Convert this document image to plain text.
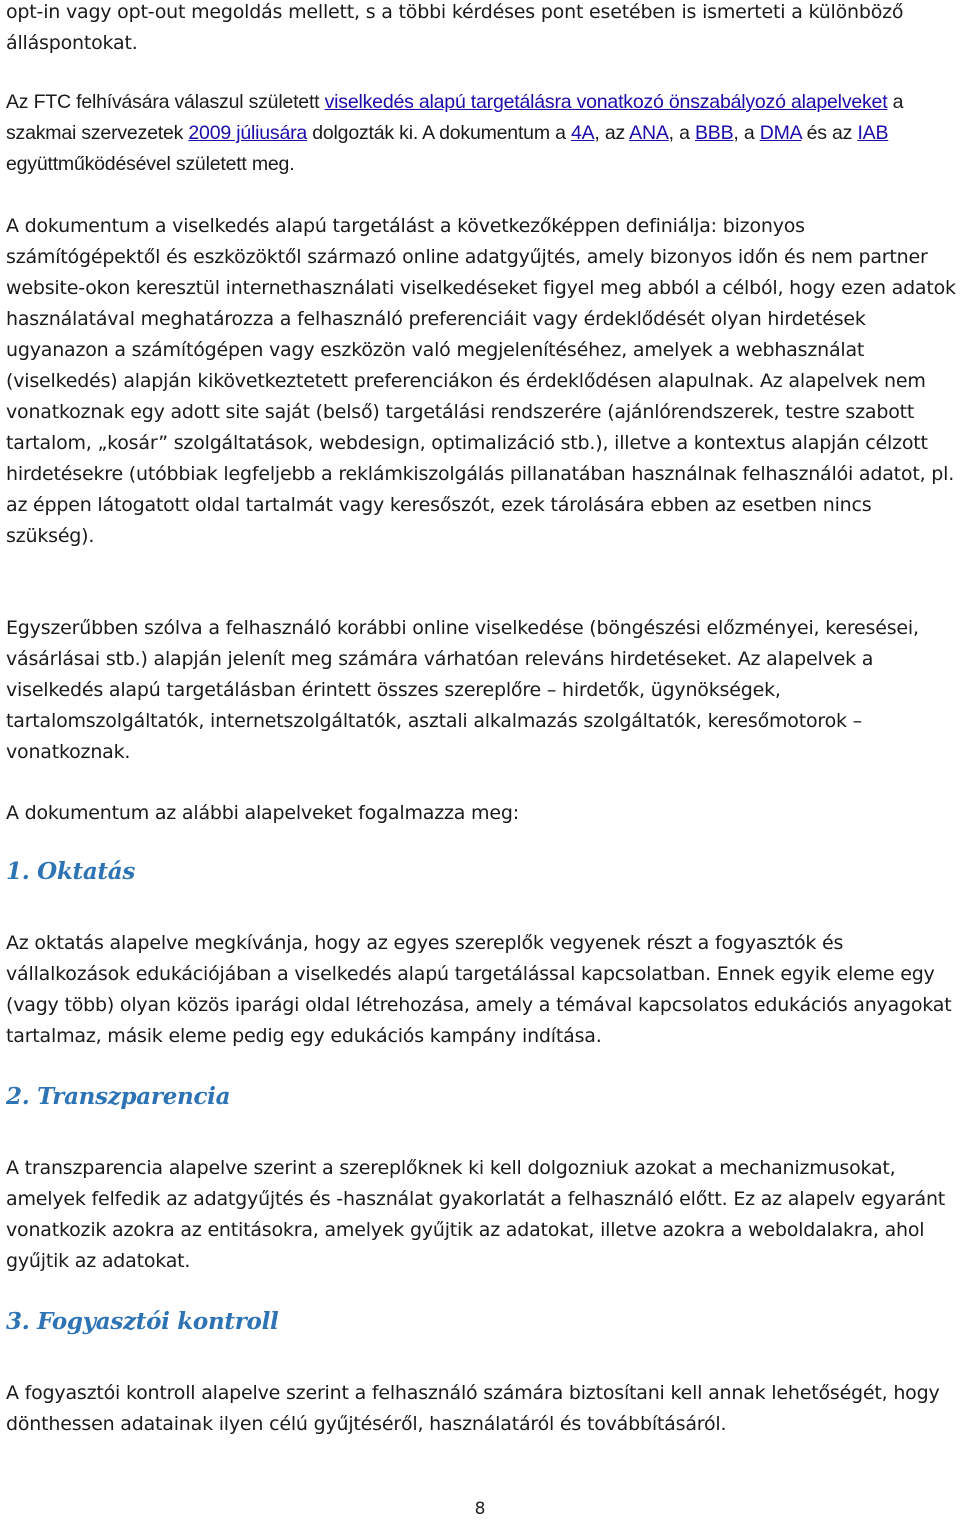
opt-in vagy opt-out megoldás mellett, s a többi kérdéses pont esetében is ismerteti a különböző álláspontokat.

Az FTC felhívására válaszul született viselkedés alapú targetálásra vonatkozó önszabályozó alapelveket a szakmai szervezetek 2009 júliusára dolgozták ki. A dokumentum a 4A, az ANA, a BBB, a DMA és az IAB együttműködésével született meg.

A dokumentum a viselkedés alapú targetálást a következőképpen definiálja: bizonyos számítógépektől és eszközöktől származó online adatgyűjtés, amely bizonyos időn és nem partner website-okon keresztül internethasználati viselkedéseket figyel meg abból a célból, hogy ezen adatok használatával meghatározza a felhasználó preferenciáit vagy érdeklődését olyan hirdetések ugyanazon a számítógépen vagy eszközön való megjelenítéséhez, amelyek a webhasználat (viselkedés) alapján kikövetkeztetett preferenciákon és érdeklődésen alapulnak. Az alapelvek nem vonatkoznak egy adott site saját (belső) targetálási rendszerére (ajánlórendszerek, testre szabott tartalom, „kosár” szolgáltatások, webdesign, optimalizáció stb.), illetve a kontextus alapján célzott hirdetésekre (utóbbiak legfeljebb a reklámkiszolgálás pillanatában használnak felhasználói adatot, pl. az éppen látogatott oldal tartalmát vagy keresőszót, ezek tárolására ebben az esetben nincs szükség).

Egyszerűbben szólva a felhasználó korábbi online viselkedése (böngészési előzményei, keresései, vásárlásai stb.) alapján jelenít meg számára várhatóan releváns hirdetéseket. Az alapelvek a viselkedés alapú targetálásban érintett összes szereplőre – hirdetők, ügynökségek, tartalomszolgáltatók, internetszolgáltatók, asztali alkalmazás szolgáltatók, keresőmotorok – vonatkoznak.

A dokumentum az alábbi alapelveket fogalmazza meg:

1. Oktatás

Az oktatás alapelve megkívánja, hogy az egyes szereplők vegyenek részt a fogyasztók és vállalkozások edukációjában a viselkedés alapú targetálással kapcsolatban. Ennek egyik eleme egy (vagy több) olyan közös iparági oldal létrehozása, amely a témával kapcsolatos edukációs anyagokat tartalmaz, másik eleme pedig egy edukációs kampány indítása.

2. Transzparencia

A transzparencia alapelve szerint a szereplőknek ki kell dolgozniuk azokat a mechanizmusokat, amelyek felfedik az adatgyűjtés és -használat gyakorlatát a felhasználó előtt. Ez az alapelv egyaránt vonatkozik azokra az entitásokra, amelyek gyűjtik az adatokat, illetve azokra a weboldalakra, ahol gyűjtik az adatokat.

3. Fogyasztói kontroll

A fogyasztói kontroll alapelve szerint a felhasználó számára biztosítani kell annak lehetőségét, hogy dönthessen adatainak ilyen célú gyűjtéséről, használatáról és továbbításáról.

8
